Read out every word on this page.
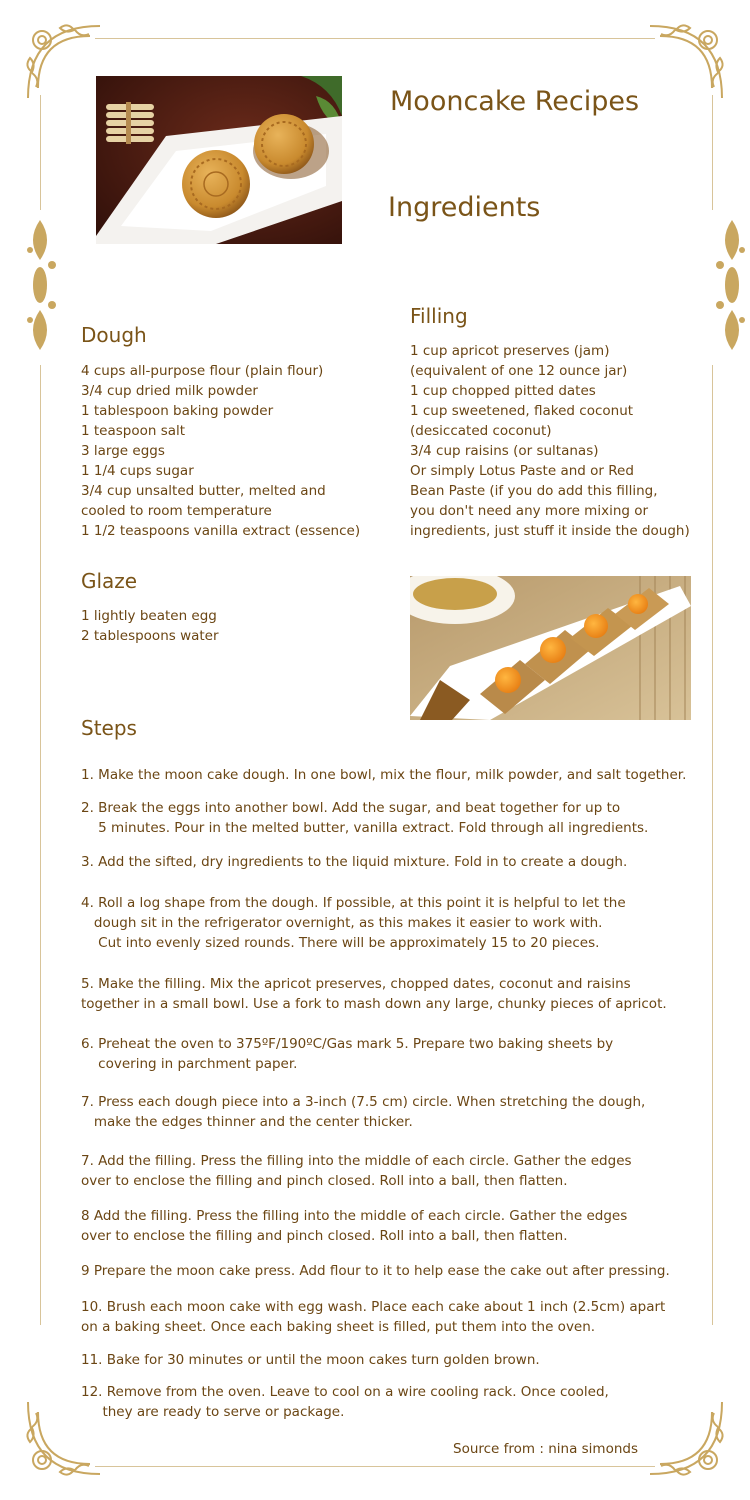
Mooncake Recipes
Ingredients
Dough
4 cups all-purpose flour (plain flour)
3/4 cup dried milk powder
1 tablespoon baking powder
1 teaspoon salt
3 large eggs
1 1/4 cups sugar
3/4 cup unsalted butter, melted and
cooled to room temperature
1 1/2 teaspoons vanilla extract (essence)
Filling
1 cup apricot preserves (jam)
(equivalent of one 12 ounce jar)
1 cup chopped pitted dates
1 cup sweetened, flaked coconut
(desiccated coconut)
3/4 cup raisins (or sultanas)
Or simply Lotus Paste and or Red
Bean Paste (if you do add this filling,
you don't need any more mixing or
ingredients, just stuff it inside the dough)
Glaze
1 lightly beaten egg
2 tablespoons water
Steps
1. Make the moon cake dough. In one bowl, mix the flour, milk powder, and salt together.
2. Break the eggs into another bowl. Add the sugar, and beat together for up to
5 minutes. Pour in the melted butter, vanilla extract. Fold through all ingredients.
3. Add the sifted, dry ingredients to the liquid mixture. Fold in to create a dough.
4. Roll a log shape from the dough. If possible, at this point it is helpful to let the
dough sit in the refrigerator overnight, as this makes it easier to work with.
Cut into evenly sized rounds. There will be approximately 15 to 20 pieces.
5. Make the filling. Mix the apricot preserves, chopped dates, coconut and raisins
together in a small bowl. Use a fork to mash down any large, chunky pieces of apricot.
6. Preheat the oven to 375ºF/190ºC/Gas mark 5. Prepare two baking sheets by
covering in parchment paper.
7. Press each dough piece into a 3-inch (7.5 cm) circle. When stretching the dough,
make the edges thinner and the center thicker.
7. Add the filling. Press the filling into the middle of each circle. Gather the edges
over to enclose the filling and pinch closed. Roll into a ball, then flatten.
8 Add the filling. Press the filling into the middle of each circle. Gather the edges
over to enclose the filling and pinch closed. Roll into a ball, then flatten.
9 Prepare the moon cake press. Add flour to it to help ease the cake out after pressing.
10. Brush each moon cake with egg wash. Place each cake about 1 inch (2.5cm) apart
on a baking sheet. Once each baking sheet is filled, put them into the oven.
11. Bake for 30 minutes or until the moon cakes turn golden brown.
12. Remove from the oven. Leave to cool on a wire cooling rack. Once cooled,
they are ready to serve or package.
Source from : nina simonds
